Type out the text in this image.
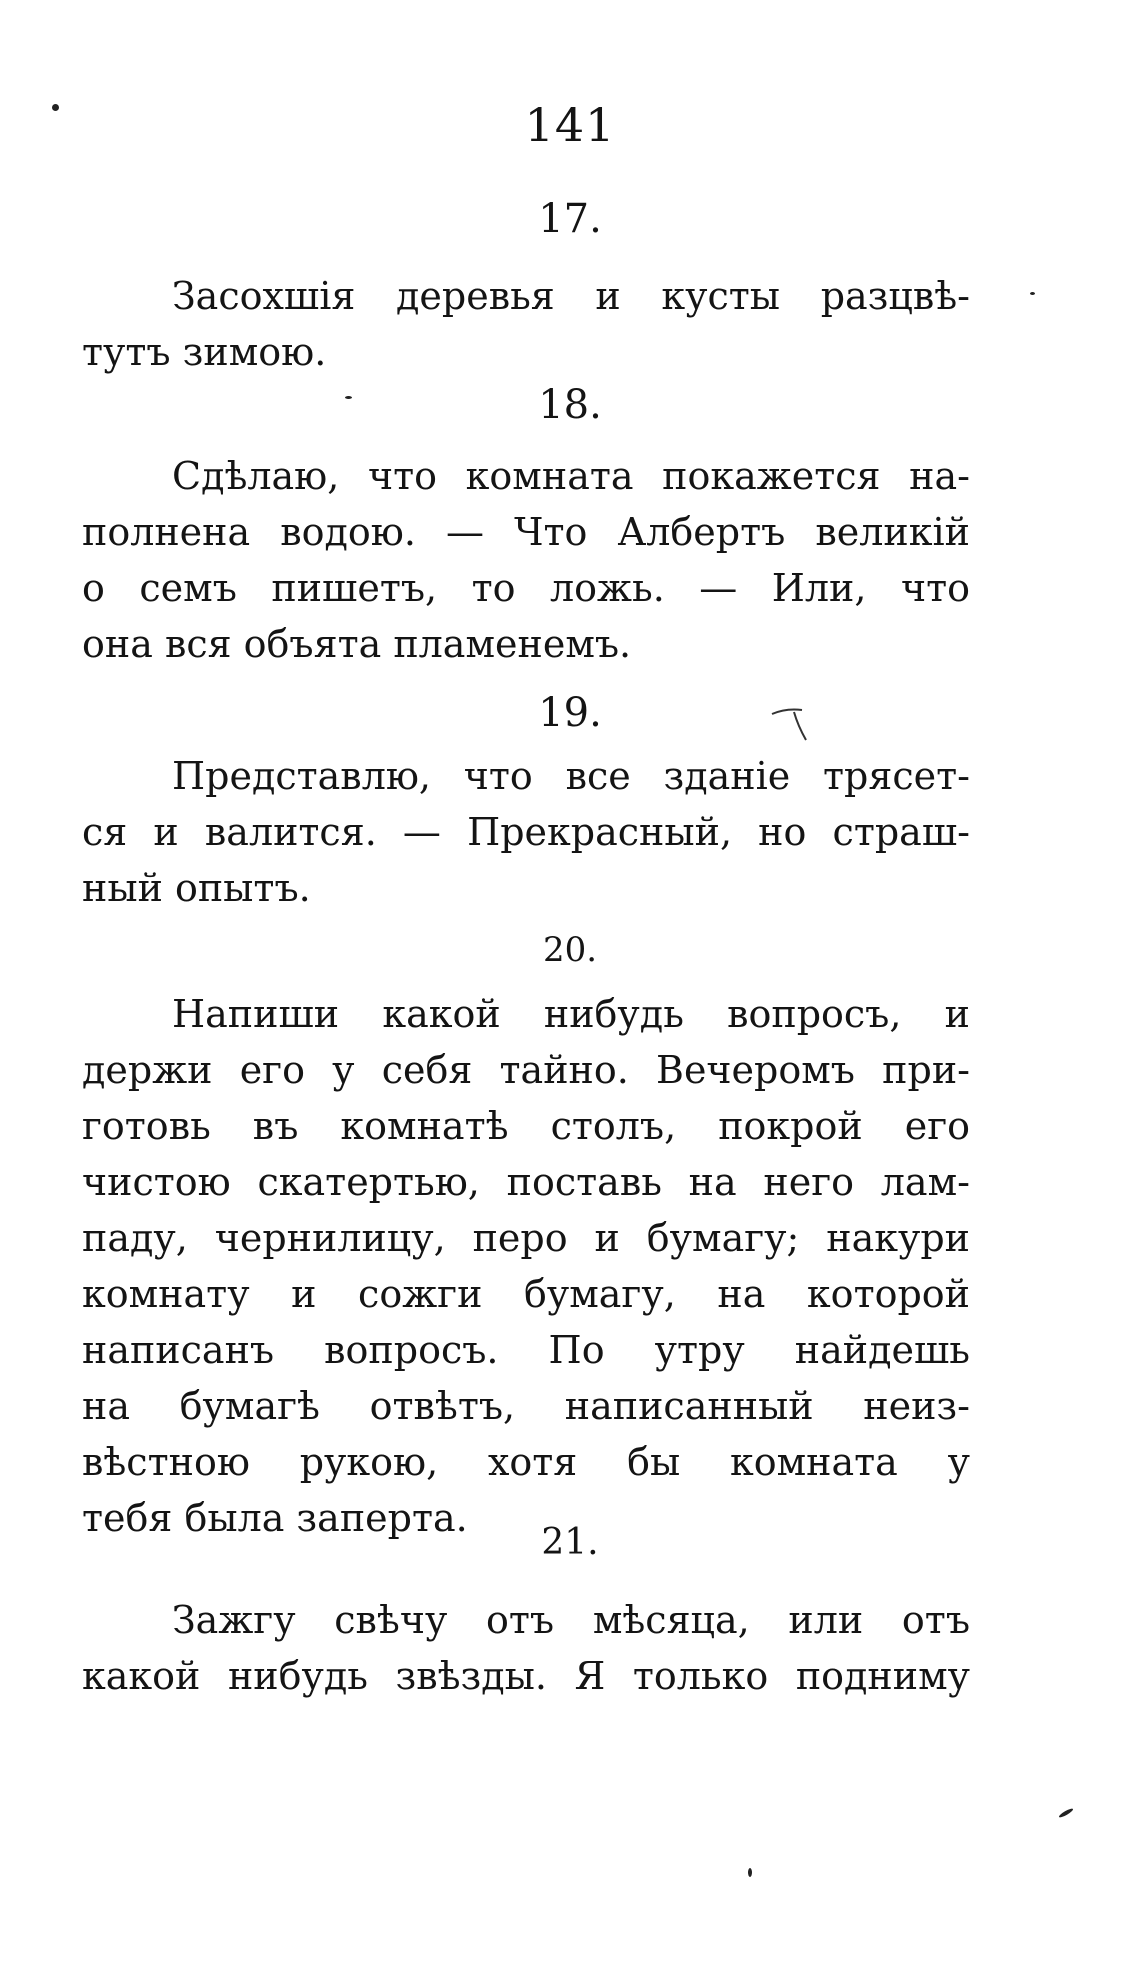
141
17.
Засохшія деревья и кусты разцвѣ-
тутъ зимою.
18.
Сдѣлаю, что комната покажется на-
полнена водою. — Что Албертъ великій
о семъ пишетъ, то ложь. — Или, что
она вся объята пламенемъ.
19.
Представлю, что все зданіе трясет-
ся и валится. — Прекрасный, но страш-
ный опытъ.
20.
Напиши какой нибудь вопросъ, и
держи его у себя тайно. Вечеромъ при-
готовь въ комнатѣ столъ, покрой его
чистою скатертью, поставь на него лам-
паду, чернилицу, перо и бумагу; накури
комнату и сожги бумагу, на которой
написанъ вопросъ. По утру найдешь
на бумагѣ отвѣтъ, написанный неиз-
вѣстною рукою, хотя бы комната у
тебя была заперта.
21.
Зажгу свѣчу отъ мѣсяца, или отъ
какой нибудь звѣзды. Я только подниму
